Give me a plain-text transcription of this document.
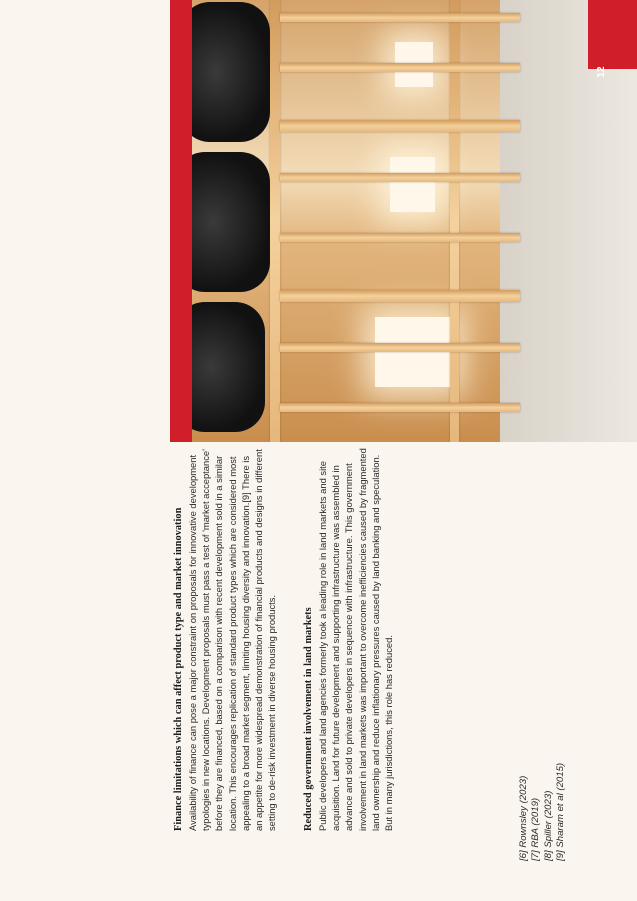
12
Finance limitations which can affect product type and market innovation Availability of finance can pose a major constraint on proposals for innovative development typologies in new locations. Development proposals must pass a test of 'market acceptance' before they are financed, based on a comparison with recent development sold in a similar location. This encourages replication of standard product types which are considered most appealing to a broad market segment, limiting housing diversity and innovation.[9] There is an appetite for more widespread demonstration of financial products and designs in different setting to de-risk investment in diverse housing products. Reduced government involvement in land markets Public developers and land agencies formerly took a leading role in land markets and site acquisition. Land for future development and supporting infrastructure was assembled in advance and sold to private developers in sequence with infrastructure. This government involvement in land markets was important to overcome inefficiencies caused by fragmented land ownership and reduce inflationary pressures caused by land banking and speculation. But in many jurisdictions, this role has reduced.	[6] Rownsley (2023) [7] RBA (2019) [8] Spiller (2023) [9] Sharam et al (2015)
